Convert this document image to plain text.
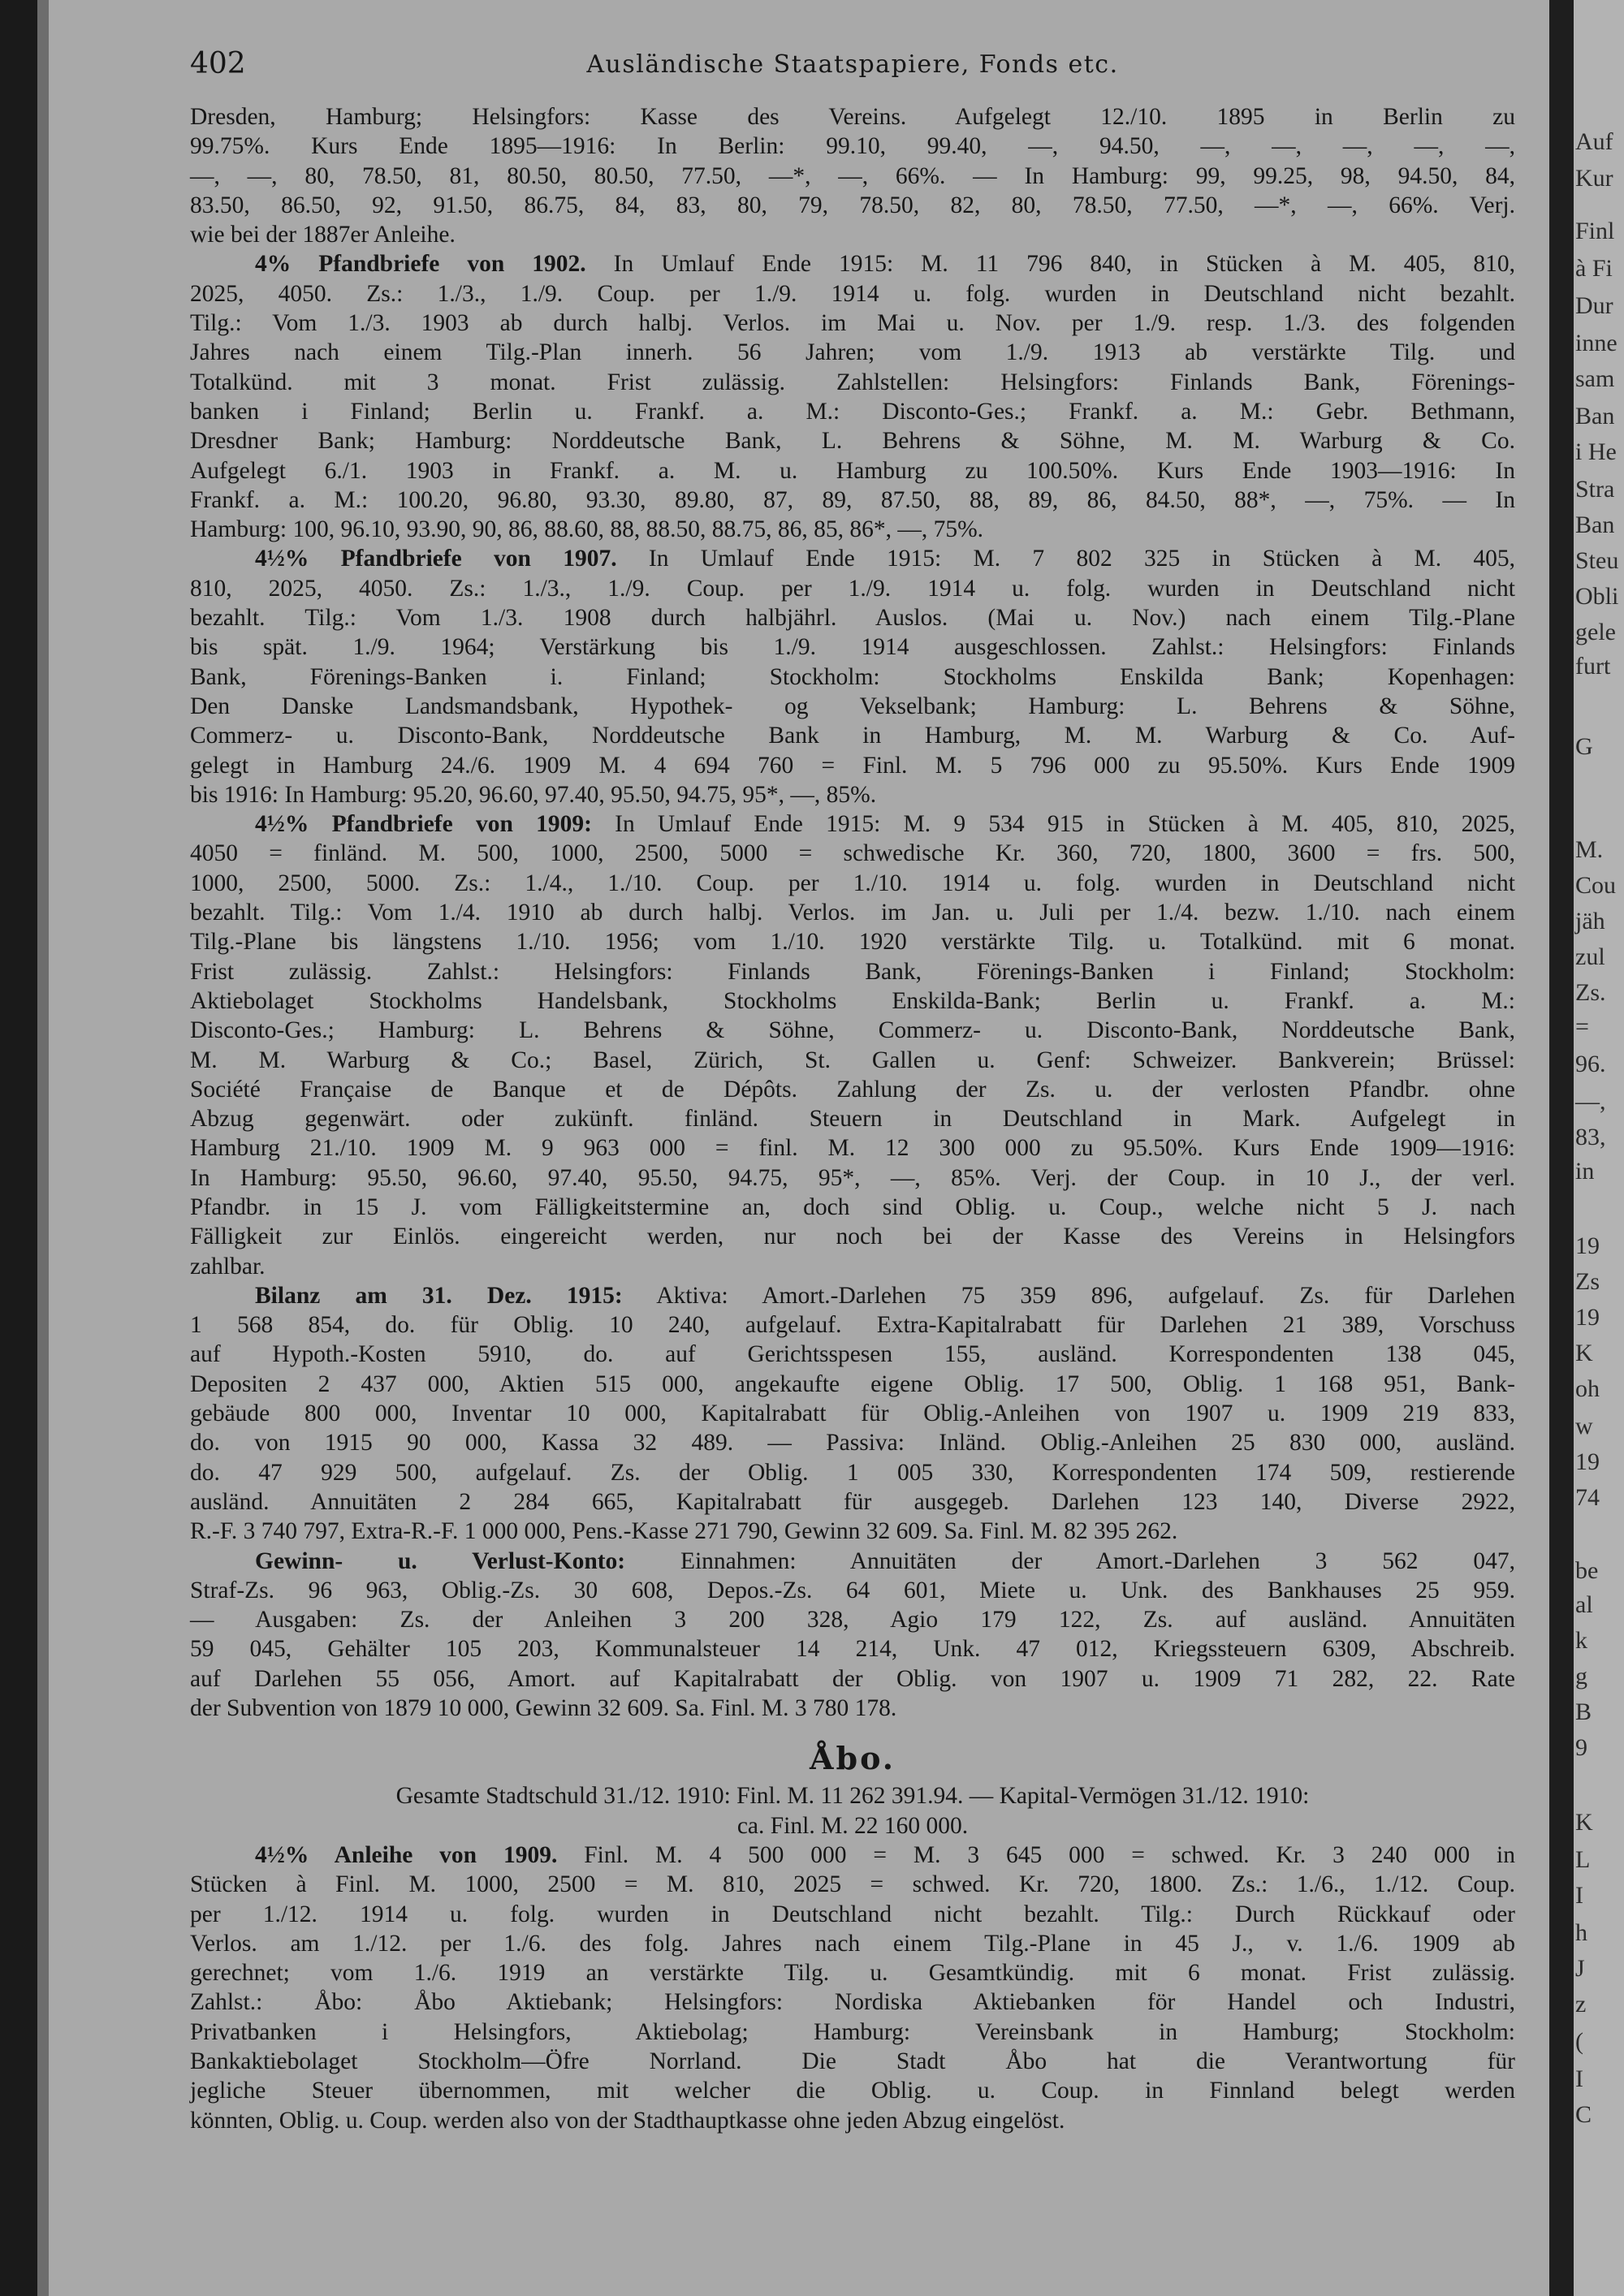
Auf
Kur
Finl
à Fi
Dur
inne
sam
Ban
i He
Stra
Ban
Steu
Obli
gele
furt
G
M.
Cou
jäh
zul
Zs.
=
96.
—,
83,
in
19
Zs
19
K
oh
w
19
74
be
al
k
g
B
9
K
L
I
h
J
z
(
I
C
402	Ausländische Staatspapiere, Fonds etc.
Dresden, Hamburg; Helsingfors: Kasse des Vereins. Aufgelegt 12./10. 1895 in Berlin zu
99.75%. Kurs Ende 1895—1916: In Berlin: 99.10, 99.40, —, 94.50, —, —, —, —, —,
—, —, 80, 78.50, 81, 80.50, 80.50, 77.50, —*, —, 66%. — In Hamburg: 99, 99.25, 98, 94.50, 84,
83.50, 86.50, 92, 91.50, 86.75, 84, 83, 80, 79, 78.50, 82, 80, 78.50, 77.50, —*, —, 66%. Verj.
wie bei der 1887er Anleihe.
4% Pfandbriefe von 1902. In Umlauf Ende 1915: M. 11 796 840, in Stücken à M. 405, 810,
2025, 4050. Zs.: 1./3., 1./9. Coup. per 1./9. 1914 u. folg. wurden in Deutschland nicht bezahlt.
Tilg.: Vom 1./3. 1903 ab durch halbj. Verlos. im Mai u. Nov. per 1./9. resp. 1./3. des folgenden
Jahres nach einem Tilg.-Plan innerh. 56 Jahren; vom 1./9. 1913 ab verstärkte Tilg. und
Totalkünd. mit 3 monat. Frist zulässig. Zahlstellen: Helsingfors: Finlands Bank, Förenings-
banken i Finland; Berlin u. Frankf. a. M.: Disconto-Ges.; Frankf. a. M.: Gebr. Bethmann,
Dresdner Bank; Hamburg: Norddeutsche Bank, L. Behrens & Söhne, M. M. Warburg & Co.
Aufgelegt 6./1. 1903 in Frankf. a. M. u. Hamburg zu 100.50%. Kurs Ende 1903—1916: In
Frankf. a. M.: 100.20, 96.80, 93.30, 89.80, 87, 89, 87.50, 88, 89, 86, 84.50, 88*, —, 75%. — In
Hamburg: 100, 96.10, 93.90, 90, 86, 88.60, 88, 88.50, 88.75, 86, 85, 86*, —, 75%.
4½% Pfandbriefe von 1907. In Umlauf Ende 1915: M. 7 802 325 in Stücken à M. 405,
810, 2025, 4050. Zs.: 1./3., 1./9. Coup. per 1./9. 1914 u. folg. wurden in Deutschland nicht
bezahlt. Tilg.: Vom 1./3. 1908 durch halbjährl. Auslos. (Mai u. Nov.) nach einem Tilg.-Plane
bis spät. 1./9. 1964; Verstärkung bis 1./9. 1914 ausgeschlossen. Zahlst.: Helsingfors: Finlands
Bank, Förenings-Banken i. Finland; Stockholm: Stockholms Enskilda Bank; Kopenhagen:
Den Danske Landsmandsbank, Hypothek- og Vekselbank; Hamburg: L. Behrens & Söhne,
Commerz- u. Disconto-Bank, Norddeutsche Bank in Hamburg, M. M. Warburg & Co. Auf-
gelegt in Hamburg 24./6. 1909 M. 4 694 760 = Finl. M. 5 796 000 zu 95.50%. Kurs Ende 1909
bis 1916: In Hamburg: 95.20, 96.60, 97.40, 95.50, 94.75, 95*, —, 85%.
4½% Pfandbriefe von 1909: In Umlauf Ende 1915: M. 9 534 915 in Stücken à M. 405, 810, 2025,
4050 = finländ. M. 500, 1000, 2500, 5000 = schwedische Kr. 360, 720, 1800, 3600 = frs. 500,
1000, 2500, 5000. Zs.: 1./4., 1./10. Coup. per 1./10. 1914 u. folg. wurden in Deutschland nicht
bezahlt. Tilg.: Vom 1./4. 1910 ab durch halbj. Verlos. im Jan. u. Juli per 1./4. bezw. 1./10. nach einem
Tilg.-Plane bis längstens 1./10. 1956; vom 1./10. 1920 verstärkte Tilg. u. Totalkünd. mit 6 monat.
Frist zulässig. Zahlst.: Helsingfors: Finlands Bank, Förenings-Banken i Finland; Stockholm:
Aktiebolaget Stockholms Handelsbank, Stockholms Enskilda-Bank; Berlin u. Frankf. a. M.:
Disconto-Ges.; Hamburg: L. Behrens & Söhne, Commerz- u. Disconto-Bank, Norddeutsche Bank,
M. M. Warburg & Co.; Basel, Zürich, St. Gallen u. Genf: Schweizer. Bankverein; Brüssel:
Société Française de Banque et de Dépôts. Zahlung der Zs. u. der verlosten Pfandbr. ohne
Abzug gegenwärt. oder zukünft. finländ. Steuern in Deutschland in Mark. Aufgelegt in
Hamburg 21./10. 1909 M. 9 963 000 = finl. M. 12 300 000 zu 95.50%. Kurs Ende 1909—1916:
In Hamburg: 95.50, 96.60, 97.40, 95.50, 94.75, 95*, —, 85%. Verj. der Coup. in 10 J., der verl.
Pfandbr. in 15 J. vom Fälligkeitstermine an, doch sind Oblig. u. Coup., welche nicht 5 J. nach
Fälligkeit zur Einlös. eingereicht werden, nur noch bei der Kasse des Vereins in Helsingfors
zahlbar.
Bilanz am 31. Dez. 1915: Aktiva: Amort.-Darlehen 75 359 896, aufgelauf. Zs. für Darlehen
1 568 854, do. für Oblig. 10 240, aufgelauf. Extra-Kapitalrabatt für Darlehen 21 389, Vorschuss
auf Hypoth.-Kosten 5910, do. auf Gerichtsspesen 155, ausländ. Korrespondenten 138 045,
Depositen 2 437 000, Aktien 515 000, angekaufte eigene Oblig. 17 500, Oblig. 1 168 951, Bank-
gebäude 800 000, Inventar 10 000, Kapitalrabatt für Oblig.-Anleihen von 1907 u. 1909 219 833,
do. von 1915 90 000, Kassa 32 489. — Passiva: Inländ. Oblig.-Anleihen 25 830 000, ausländ.
do. 47 929 500, aufgelauf. Zs. der Oblig. 1 005 330, Korrespondenten 174 509, restierende
ausländ. Annuitäten 2 284 665, Kapitalrabatt für ausgegeb. Darlehen 123 140, Diverse 2922,
R.-F. 3 740 797, Extra-R.-F. 1 000 000, Pens.-Kasse 271 790, Gewinn 32 609. Sa. Finl. M. 82 395 262.
Gewinn- u. Verlust-Konto: Einnahmen: Annuitäten der Amort.-Darlehen 3 562 047,
Straf-Zs. 96 963, Oblig.-Zs. 30 608, Depos.-Zs. 64 601, Miete u. Unk. des Bankhauses 25 959.
— Ausgaben: Zs. der Anleihen 3 200 328, Agio 179 122, Zs. auf ausländ. Annuitäten
59 045, Gehälter 105 203, Kommunalsteuer 14 214, Unk. 47 012, Kriegssteuern 6309, Abschreib.
auf Darlehen 55 056, Amort. auf Kapitalrabatt der Oblig. von 1907 u. 1909 71 282, 22. Rate
der Subvention von 1879 10 000, Gewinn 32 609. Sa. Finl. M. 3 780 178.
Åbo.
Gesamte Stadtschuld 31./12. 1910: Finl. M. 11 262 391.94. — Kapital-Vermögen 31./12. 1910:
ca. Finl. M. 22 160 000.
4½% Anleihe von 1909. Finl. M. 4 500 000 = M. 3 645 000 = schwed. Kr. 3 240 000 in
Stücken à Finl. M. 1000, 2500 = M. 810, 2025 = schwed. Kr. 720, 1800. Zs.: 1./6., 1./12. Coup.
per 1./12. 1914 u. folg. wurden in Deutschland nicht bezahlt. Tilg.: Durch Rückkauf oder
Verlos. am 1./12. per 1./6. des folg. Jahres nach einem Tilg.-Plane in 45 J., v. 1./6. 1909 ab
gerechnet; vom 1./6. 1919 an verstärkte Tilg. u. Gesamtkündig. mit 6 monat. Frist zulässig.
Zahlst.: Åbo: Åbo Aktiebank; Helsingfors: Nordiska Aktiebanken för Handel och Industri,
Privatbanken i Helsingfors, Aktiebolag; Hamburg: Vereinsbank in Hamburg; Stockholm:
Bankaktiebolaget Stockholm—Öfre Norrland. Die Stadt Åbo hat die Verantwortung für
jegliche Steuer übernommen, mit welcher die Oblig. u. Coup. in Finnland belegt werden
könnten, Oblig. u. Coup. werden also von der Stadthauptkasse ohne jeden Abzug eingelöst.
